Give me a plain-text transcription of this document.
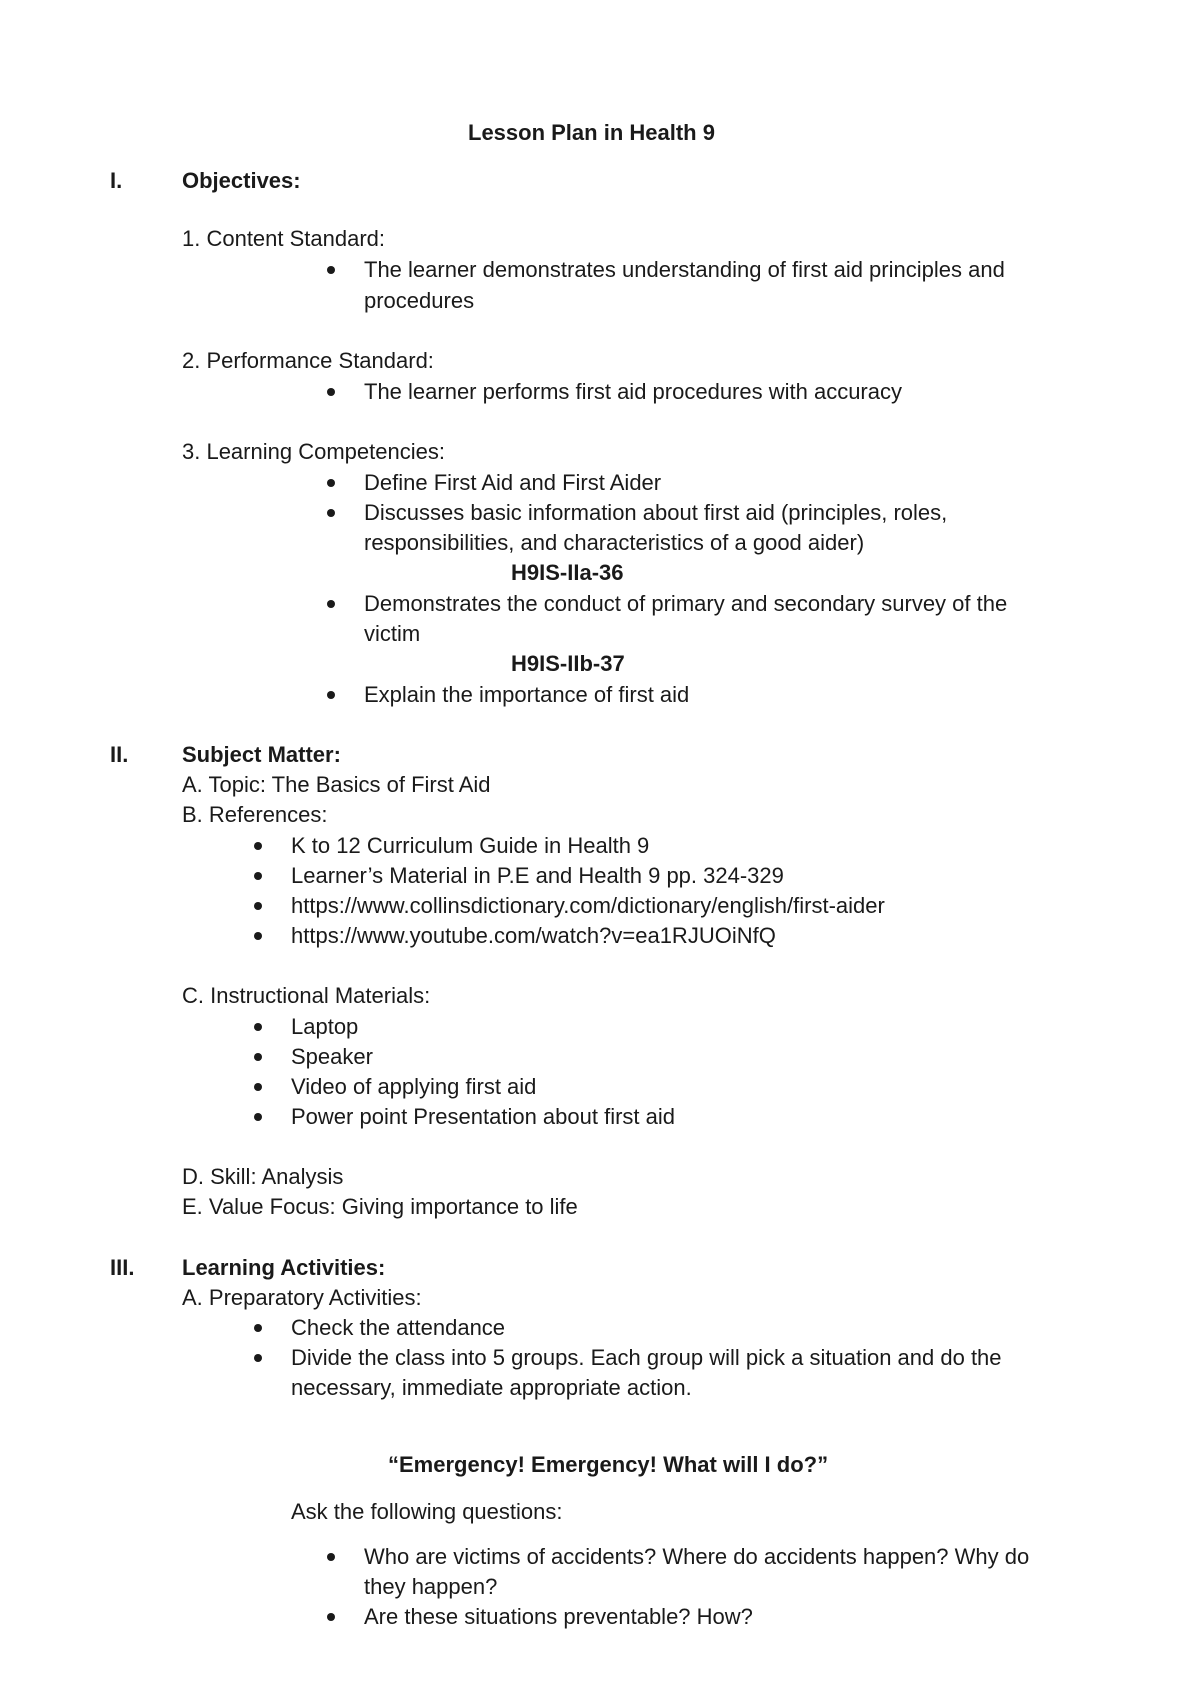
Lesson Plan in Health 9
I.	Objectives:
1. Content Standard:
The learner demonstrates understanding of first aid principles and
procedures
2. Performance Standard:
The learner performs first aid procedures with accuracy
3. Learning Competencies:
Define First Aid and First Aider
Discusses basic information about first aid (principles, roles,
responsibilities, and characteristics of a good aider)
H9IS-IIa-36
Demonstrates the conduct of primary and secondary survey of the
victim
H9IS-IIb-37
Explain the importance of first aid
II. Subject Matter:
A. Topic: The Basics of First Aid
B. References:
K to 12 Curriculum Guide in Health 9
Learner’s Material in P.E and Health 9 pp. 324-329
https://www.collinsdictionary.com/dictionary/english/first-aider
https://www.youtube.com/watch?v=ea1RJUOiNfQ
C. Instructional Materials:
Laptop
Speaker
Video of applying first aid
Power point Presentation about first aid
D. Skill: Analysis
E. Value Focus: Giving importance to life
III. Learning Activities:
A. Preparatory Activities:
Check the attendance
Divide the class into 5 groups. Each group will pick a situation and do the
necessary, immediate appropriate action.
“Emergency! Emergency! What will I do?”
Ask the following questions:
Who are victims of accidents? Where do accidents happen? Why do
they happen?
Are these situations preventable? How?
